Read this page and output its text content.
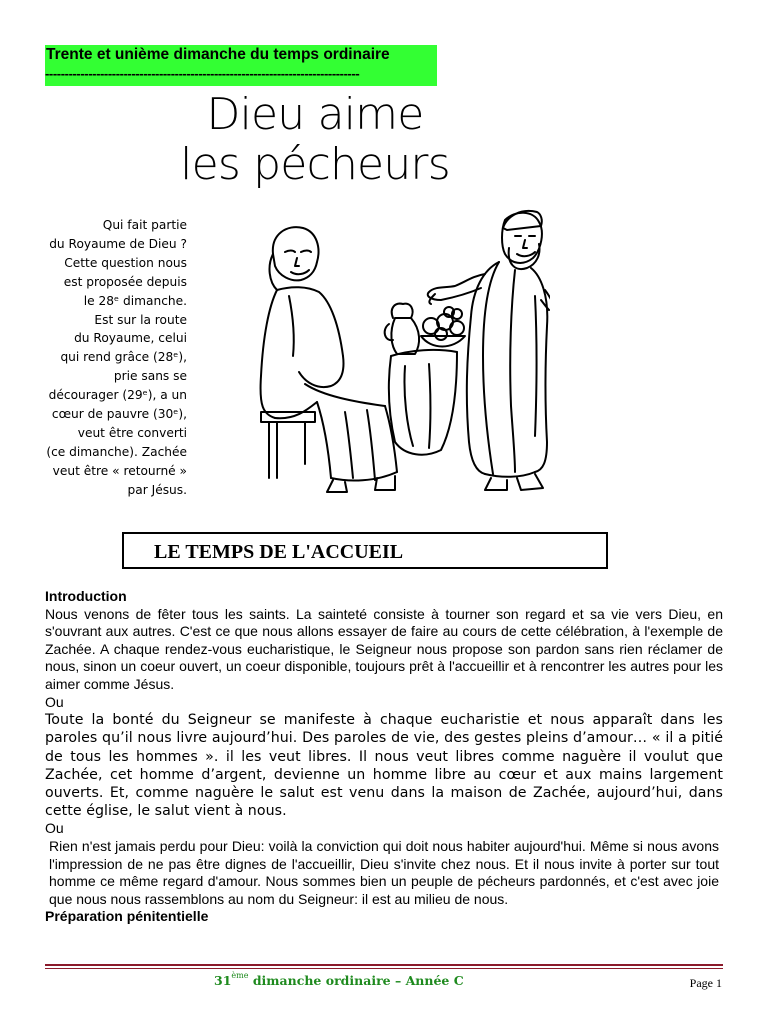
Trente et unième dimanche du temps ordinaire
--------------------------------------------------------------------------------
Dieu aime
les pécheurs
Qui fait partie
du Royaume de Dieu ?
Cette question nous
est proposée depuis
le 28ᵉ dimanche.
Est sur la route
du Royaume, celui
qui rend grâce (28ᵉ),
prie sans se
décourager (29ᵉ), a un
cœur de pauvre (30ᵉ),
veut être converti
(ce dimanche). Zachée
veut être « retourné »
par Jésus.
LE TEMPS DE L'ACCUEIL
Introduction
Nous venons de fêter tous les saints. La sainteté consiste à tourner son regard et sa vie vers Dieu, en s'ouvrant aux autres. C'est ce que nous allons essayer de faire au cours de cette célébration, à l'exemple de Zachée. A chaque rendez-vous eucharistique, le Seigneur nous propose son pardon sans rien réclamer de nous, sinon un coeur ouvert, un coeur disponible, toujours prêt à l'accueillir et à rencontrer les autres pour les aimer comme Jésus.
Ou
Toute la bonté du Seigneur se manifeste à chaque eucharistie et nous apparaît dans les paroles qu’il nous livre aujourd’hui. Des paroles de vie, des gestes pleins d’amour… « il a pitié de tous les hommes ». il les veut libres. Il nous veut libres comme naguère il voulut que Zachée, cet homme d’argent, devienne un homme libre au cœur et aux mains largement ouverts. Et, comme naguère le salut est venu dans la maison de Zachée, aujourd’hui, dans cette église, le salut vient à nous.
Ou
Rien n'est jamais perdu pour Dieu: voilà la conviction qui doit nous habiter aujourd'hui. Même si nous avons l'impression de ne pas être dignes de l'accueillir, Dieu s'invite chez nous. Et il nous invite à porter sur tout homme ce même regard d'amour. Nous sommes bien un peuple de pécheurs pardonnés, et c'est avec joie que nous nous rassemblons au nom du Seigneur: il est au milieu de nous.
Préparation pénitentielle
31ème dimanche ordinaire – Année C	Page 1
